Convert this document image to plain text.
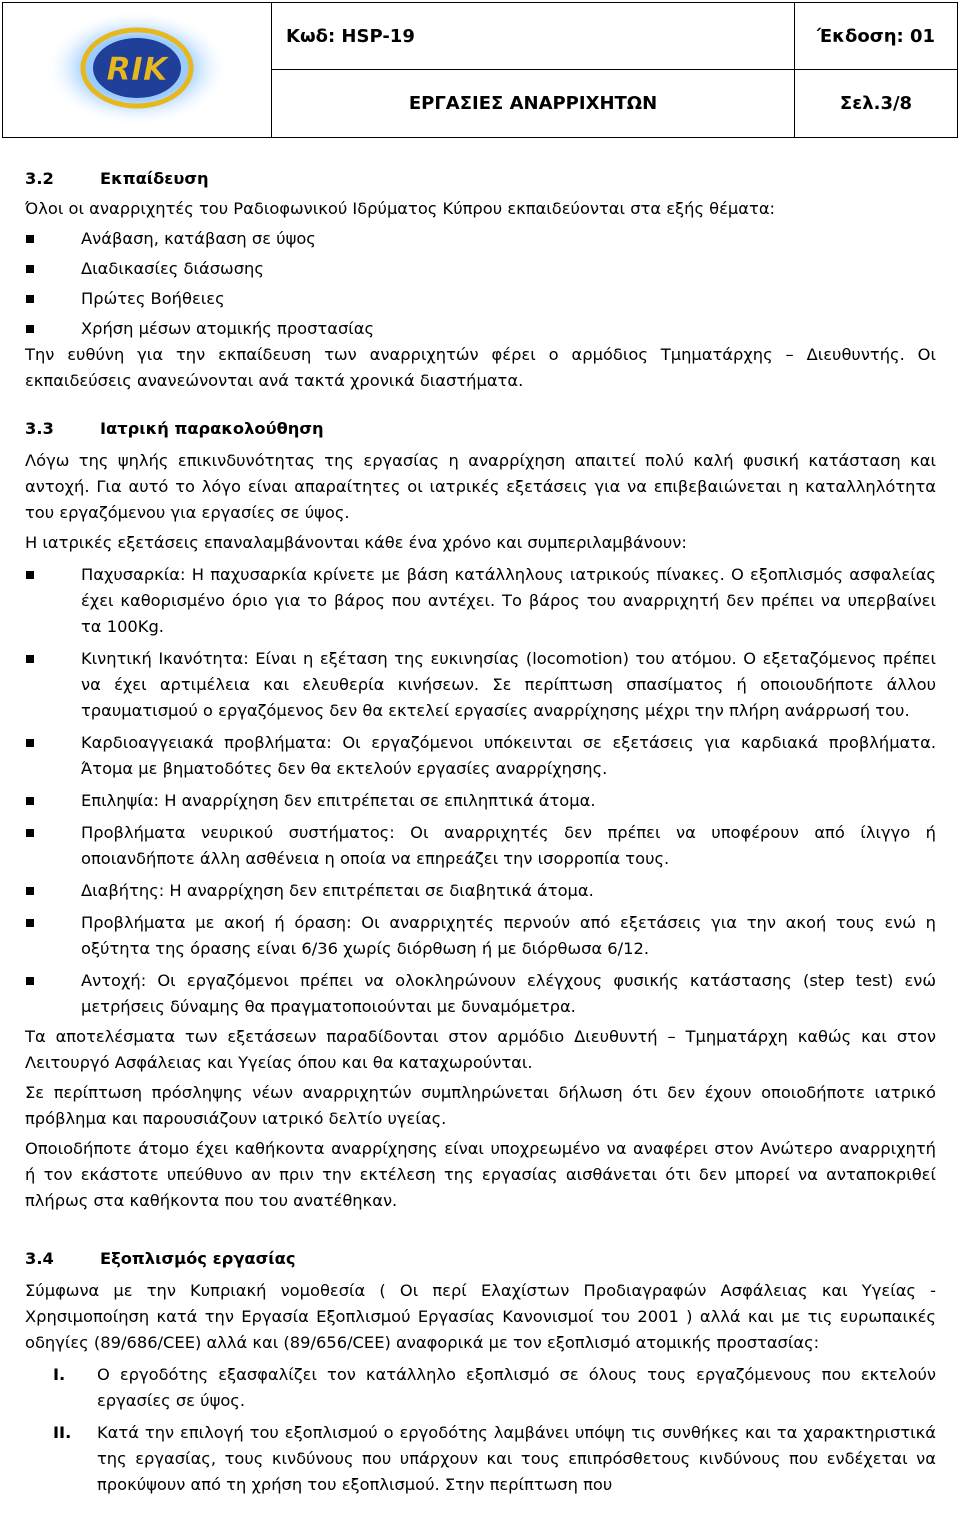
RIK	Κωδ: HSP-19	Έκδοση: 01
	ΕΡΓΑΣΙΕΣ ΑΝΑΡΡΙΧΗΤΩΝ	Σελ.3/8

3.2	Εκπαίδευση

Όλοι οι αναρριχητές του Ραδιοφωνικού Ιδρύματος Κύπρου εκπαιδεύονται στα εξής θέματα:

Ανάβαση, κατάβαση σε ύψος
Διαδικασίες διάσωσης
Πρώτες Βοήθειες
Χρήση μέσων ατομικής προστασίας

Την ευθύνη για την εκπαίδευση των αναρριχητών φέρει ο αρμόδιος Τμηματάρχης – Διευθυντής. Οι εκπαιδεύσεις ανανεώνονται ανά τακτά χρονικά διαστήματα.

3.3	Ιατρική παρακολούθηση

Λόγω της ψηλής επικινδυνότητας της εργασίας η αναρρίχηση απαιτεί πολύ καλή φυσική κατάσταση και αντοχή. Για αυτό το λόγο είναι απαραίτητες οι ιατρικές εξετάσεις για να επιβεβαιώνεται η καταλληλότητα του εργαζόμενου για εργασίες σε ύψος.

Η ιατρικές εξετάσεις επαναλαμβάνονται κάθε ένα χρόνο και συμπεριλαμβάνουν:

Παχυσαρκία: Η παχυσαρκία κρίνετε με βάση κατάλληλους ιατρικούς πίνακες. Ο εξοπλισμός ασφαλείας έχει καθορισμένο όριο για το βάρος που αντέχει. Το βάρος του αναρριχητή δεν πρέπει να υπερβαίνει τα 100Kg.
Κινητική Ικανότητα: Είναι η εξέταση της ευκινησίας (locomotion) του ατόμου. Ο εξεταζόμενος πρέπει να έχει αρτιμέλεια και ελευθερία κινήσεων. Σε περίπτωση σπασίματος ή οποιουδήποτε άλλου τραυματισμού ο εργαζόμενος δεν θα εκτελεί εργασίες αναρρίχησης μέχρι την πλήρη ανάρρωσή του.
Καρδιοαγγειακά προβλήματα: Οι εργαζόμενοι υπόκεινται σε εξετάσεις για καρδιακά προβλήματα. Άτομα με βηματοδότες δεν θα εκτελούν εργασίες αναρρίχησης.
Επιληψία: Η αναρρίχηση δεν επιτρέπεται σε επιληπτικά άτομα.
Προβλήματα νευρικού συστήματος: Οι αναρριχητές δεν πρέπει να υποφέρουν από ίλιγγο ή οποιανδήποτε άλλη ασθένεια η οποία να επηρεάζει την ισορροπία τους.
Διαβήτης: Η αναρρίχηση δεν επιτρέπεται σε διαβητικά άτομα.
Προβλήματα με ακοή ή όραση: Οι αναρριχητές περνούν από εξετάσεις για την ακοή τους ενώ η οξύτητα της όρασης είναι 6/36 χωρίς διόρθωση ή με διόρθωσα 6/12.
Αντοχή: Οι εργαζόμενοι πρέπει να ολοκληρώνουν ελέγχους φυσικής κατάστασης (step test) ενώ μετρήσεις δύναμης θα πραγματοποιούνται με δυναμόμετρα.

Τα αποτελέσματα των εξετάσεων παραδίδονται στον αρμόδιο Διευθυντή – Τμηματάρχη καθώς και στον Λειτουργό Ασφάλειας και Υγείας όπου και θα καταχωρούνται.

Σε περίπτωση πρόσληψης νέων αναρριχητών συμπληρώνεται δήλωση ότι δεν έχουν οποιοδήποτε ιατρικό πρόβλημα και παρουσιάζουν ιατρικό δελτίο υγείας.

Οποιοδήποτε άτομο έχει καθήκοντα αναρρίχησης είναι υποχρεωμένο να αναφέρει στον Ανώτερο αναρριχητή ή τον εκάστοτε υπεύθυνο αν πριν την εκτέλεση της εργασίας αισθάνεται ότι δεν μπορεί να ανταποκριθεί πλήρως στα καθήκοντα που του ανατέθηκαν.

3.4	Εξοπλισμός εργασίας

Σύμφωνα με την Κυπριακή νομοθεσία ( Οι περί Ελαχίστων Προδιαγραφών Ασφάλειας και Υγείας - Χρησιμοποίηση κατά την Εργασία Εξοπλισμού Εργασίας Κανονισμοί του 2001 ) αλλά και με τις ευρωπαικές οδηγίες (89/686/CEE) αλλά και (89/656/CEE) αναφορικά με τον εξοπλισμό ατομικής προστασίας:

I. Ο εργοδότης εξασφαλίζει τον κατάλληλο εξοπλισμό σε όλους τους εργαζόμενους που εκτελούν εργασίες σε ύψος.
II. Κατά την επιλογή του εξοπλισμού ο εργοδότης λαμβάνει υπόψη τις συνθήκες και τα χαρακτηριστικά της εργασίας, τους κινδύνους που υπάρχουν και τους επιπρόσθετους κινδύνους που ενδέχεται να προκύψουν από τη χρήση του εξοπλισμού. Στην περίπτωση που
